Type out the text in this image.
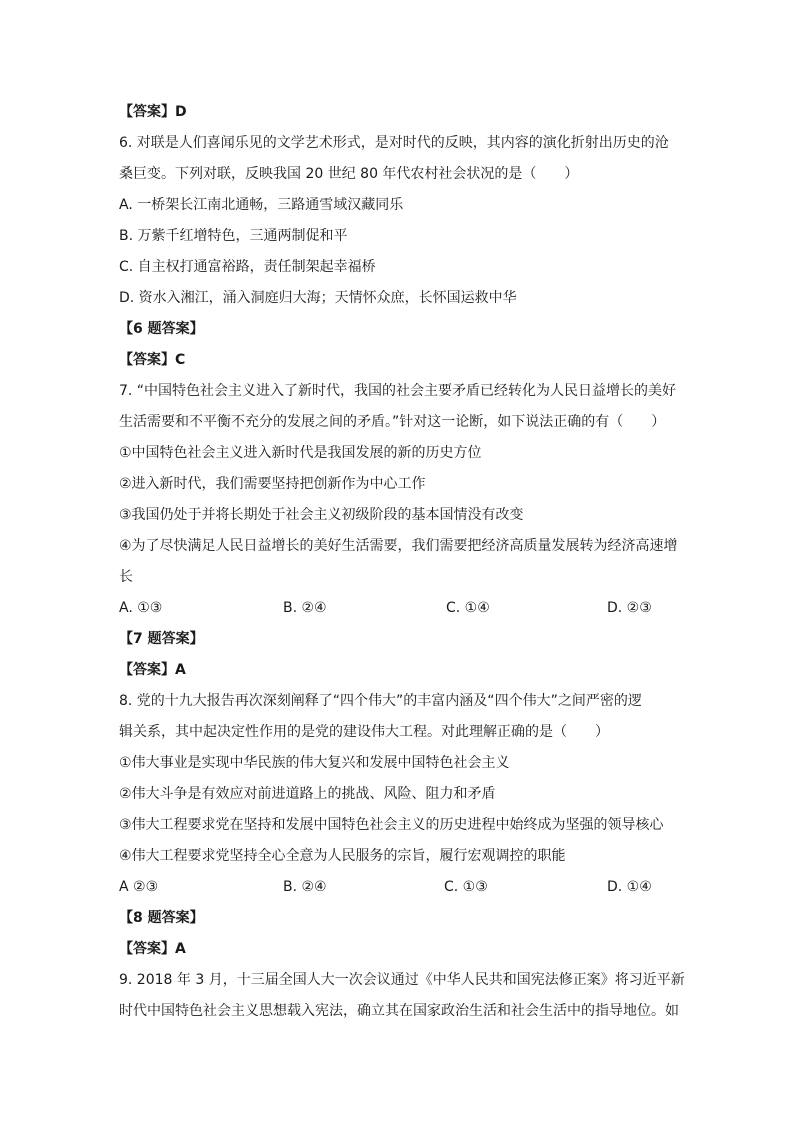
【答案】D
6. 对联是人们喜闻乐见的文学艺术形式，是对时代的反映，其内容的演化折射出历史的沧
桑巨变。下列对联，反映我国 20 世纪 80 年代农村社会状况的是（　　）
A. 一桥架长江南北通畅，三路通雪域汉藏同乐
B. 万紫千红增特色，三通两制促和平
C. 自主权打通富裕路，责任制架起幸福桥
D. 资水入湘江，涌入洞庭归大海；天情怀众庶，长怀国运救中华
【6 题答案】
【答案】C
7. “中国特色社会主义进入了新时代，我国的社会主要矛盾已经转化为人民日益增长的美好
生活需要和不平衡不充分的发展之间的矛盾。”针对这一论断，如下说法正确的有（　　）
①中国特色社会主义进入新时代是我国发展的新的历史方位
②进入新时代，我们需要坚持把创新作为中心工作
③我国仍处于并将长期处于社会主义初级阶段的基本国情没有改变
④为了尽快满足人民日益增长的美好生活需要，我们需要把经济高质量发展转为经济高速增
长
A. ①③	B. ②④	C. ①④	D. ②③
【7 题答案】
【答案】A
8. 党的十九大报告再次深刻阐释了“四个伟大”的丰富内涵及“四个伟大”之间严密的逻
辑关系，其中起决定性作用的是党的建设伟大工程。对此理解正确的是（　　）
①伟大事业是实现中华民族的伟大复兴和发展中国特色社会主义
②伟大斗争是有效应对前进道路上的挑战、风险、阻力和矛盾
③伟大工程要求党在坚持和发展中国特色社会主义的历史进程中始终成为坚强的领导核心
④伟大工程要求党坚持全心全意为人民服务的宗旨，履行宏观调控的职能
A ②③	B. ②④	C. ①③	D. ①④
【8 题答案】
【答案】A
9. 2018 年 3 月，十三届全国人大一次会议通过《中华人民共和国宪法修正案》将习近平新
时代中国特色社会主义思想载入宪法，确立其在国家政治生活和社会生活中的指导地位。如
